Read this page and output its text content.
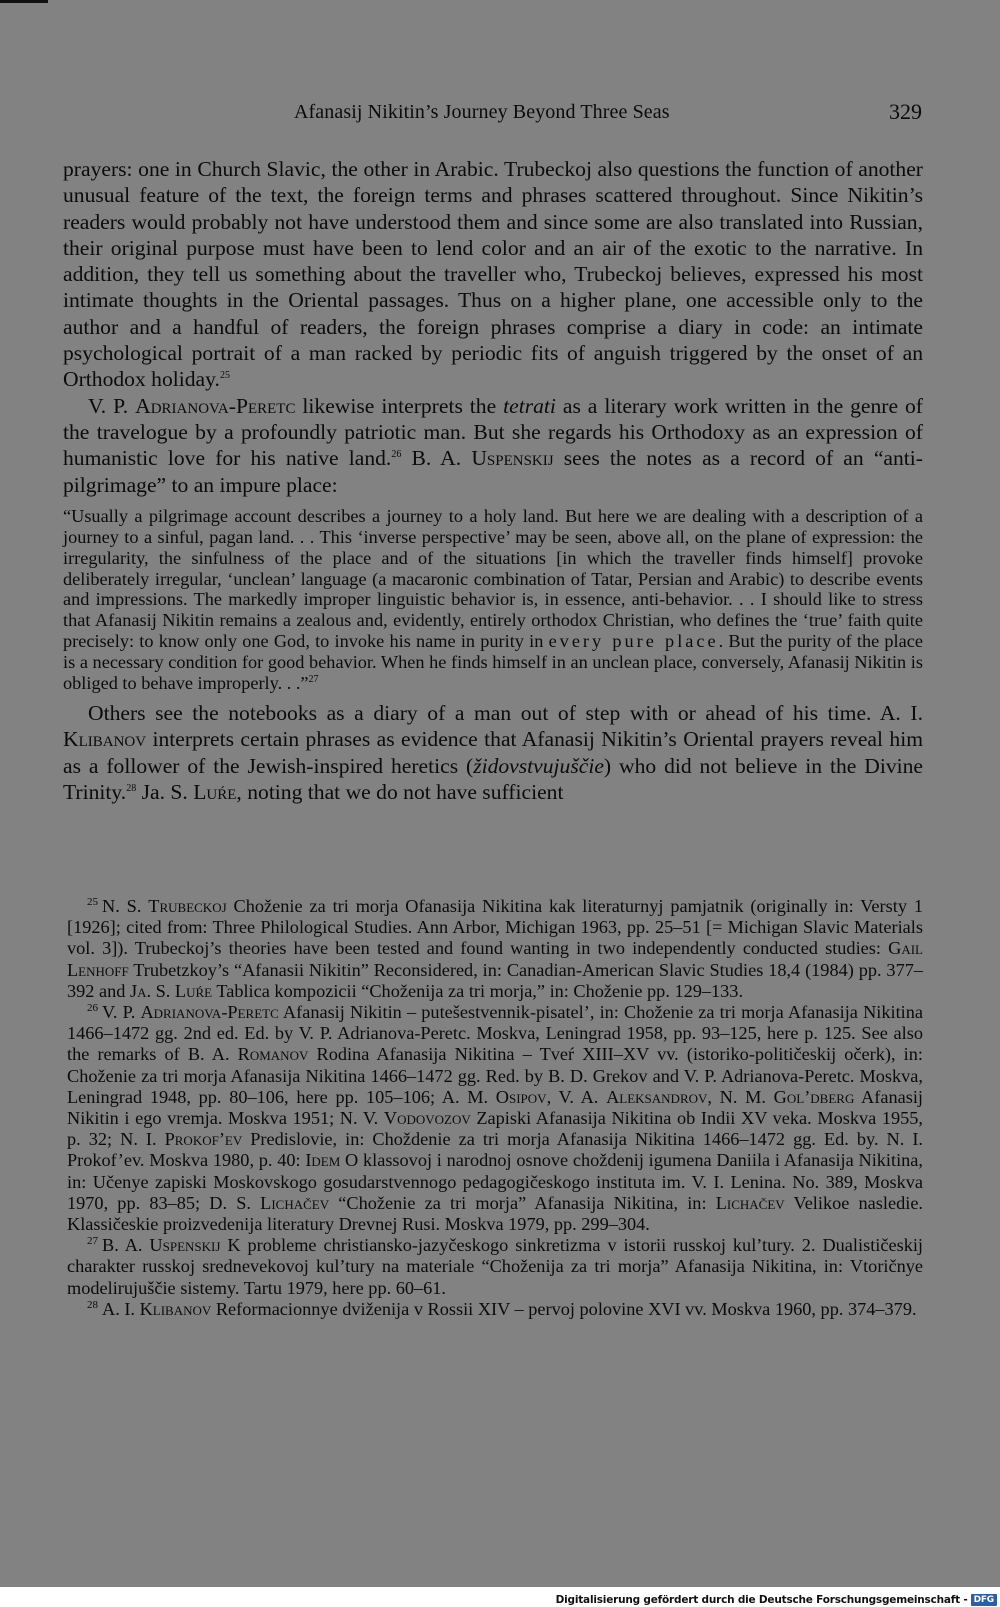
Afanasij Nikitin’s Journey Beyond Three Seas	329

prayers: one in Church Slavic, the other in Arabic. Trubeckoj also questions the function of another unusual feature of the text, the foreign terms and phrases scattered throughout. Since Nikitin’s readers would probably not have understood them and since some are also translated into Russian, their original purpose must have been to lend color and an air of the exotic to the narrative. In addition, they tell us something about the traveller who, Trubeckoj believes, expressed his most intimate thoughts in the Oriental passages. Thus on a higher plane, one accessible only to the author and a handful of readers, the foreign phrases comprise a diary in code: an intimate psychological portrait of a man racked by periodic fits of anguish triggered by the onset of an Orthodox holiday.$^{25}$

V. P. Adrianova-Peretc likewise interprets the tetrati as a literary work written in the genre of the travelogue by a profoundly patriotic man. But she regards his Orthodoxy as an expression of humanistic love for his native land.$^{26}$ B. A. Uspenskij sees the notes as a record of an “anti-pilgrimage” to an impure place:

“Usually a pilgrimage account describes a journey to a holy land. But here we are dealing with a description of a journey to a sinful, pagan land. . . This ‘inverse perspective’ may be seen, above all, on the plane of expression: the irregularity, the sinfulness of the place and of the situations [in which the traveller finds himself] provoke deliberately irregular, ‘unclean’ language (a macaronic combination of Tatar, Persian and Arabic) to describe events and impressions. The markedly improper linguistic behavior is, in essence, anti-behavior. . . I should like to stress that Afanasij Nikitin remains a zealous and, evidently, entirely orthodox Christian, who defines the ‘true’ faith quite precisely: to know only one God, to invoke his name in purity in every pure place. But the purity of the place is a necessary condition for good behavior. When he finds himself in an unclean place, conversely, Afanasij Nikitin is obliged to behave improperly. . .”$^{27}$

Others see the notebooks as a diary of a man out of step with or ahead of his time. A. I. Klibanov interprets certain phrases as evidence that Afanasij Nikitin’s Oriental prayers reveal him as a follower of the Jewish-inspired heretics (židovstvujuščie) who did not believe in the Divine Trinity.$^{28}$ Ja. S. Luŕe, noting that we do not have sufficient

$^{25}$ N. S. Trubeckoj Choženie za tri morja Ofanasija Nikitina kak literaturnyj pamjatnik (originally in: Versty 1 [1926]; cited from: Three Philological Studies. Ann Arbor, Michigan 1963, pp. 25–51 [= Michigan Slavic Materials vol. 3]). Trubeckoj’s theories have been tested and found wanting in two independently conducted studies: Gail Lenhoff Trubetzkoy’s “Afanasii Nikitin” Reconsidered, in: Canadian-American Slavic Studies 18,4 (1984) pp. 377–392 and Ja. S. Luŕe Tablica kompozicii “Choženija za tri morja,” in: Choženie pp. 129–133.

$^{26}$ V. P. Adrianova-Peretc Afanasij Nikitin – putešestvennik-pisatel’, in: Choženie za tri morja Afanasija Nikitina 1466–1472 gg. 2nd ed. Ed. by V. P. Adrianova-Peretc. Moskva, Leningrad 1958, pp. 93–125, here p. 125. See also the remarks of B. A. Romanov Rodina Afanasija Nikitina – Tveŕ XIII–XV vv. (istoriko-političeskij očerk), in: Choženie za tri morja Afanasija Nikitina 1466–1472 gg. Red. by B. D. Grekov and V. P. Adrianova-Peretc. Moskva, Leningrad 1948, pp. 80–106, here pp. 105–106; A. M. Osipov, V. A. Aleksandrov, N. M. Gol’dberg Afanasij Nikitin i ego vremja. Moskva 1951; N. V. Vodovozov Zapiski Afanasija Nikitina ob Indii XV veka. Moskva 1955, p. 32; N. I. Prokof’ev Predislovie, in: Choždenie za tri morja Afanasija Nikitina 1466–1472 gg. Ed. by. N. I. Prokof’ev. Moskva 1980, p. 40: Idem O klassovoj i narodnoj osnove choždenij igumena Daniila i Afanasija Nikitina, in: Učenye zapiski Moskovskogo gosudarstvennogo pedagogičeskogo instituta im. V. I. Lenina. No. 389, Moskva 1970, pp. 83–85; D. S. Lichačev “Choženie za tri morja” Afanasija Nikitina, in: Lichačev Velikoe nasledie. Klassičeskie proizvedenija literatury Drevnej Rusi. Moskva 1979, pp. 299–304.

$^{27}$ B. A. Uspenskij K probleme christiansko-jazyčeskogo sinkretizma v istorii russkoj kul’tury. 2. Dualističeskij charakter russkoj srednevekovoj kul’tury na materiale “Choženija za tri morja” Afanasija Nikitina, in: Vtoričnye modelirujuščie sistemy. Tartu 1979, here pp. 60–61.

$^{28}$ A. I. Klibanov Reformacionnye dviženija v Rossii XIV – pervoj polovine XVI vv. Moskva 1960, pp. 374–379.

Digitalisierung gefördert durch die Deutsche Forschungsgemeinschaft - DFG
